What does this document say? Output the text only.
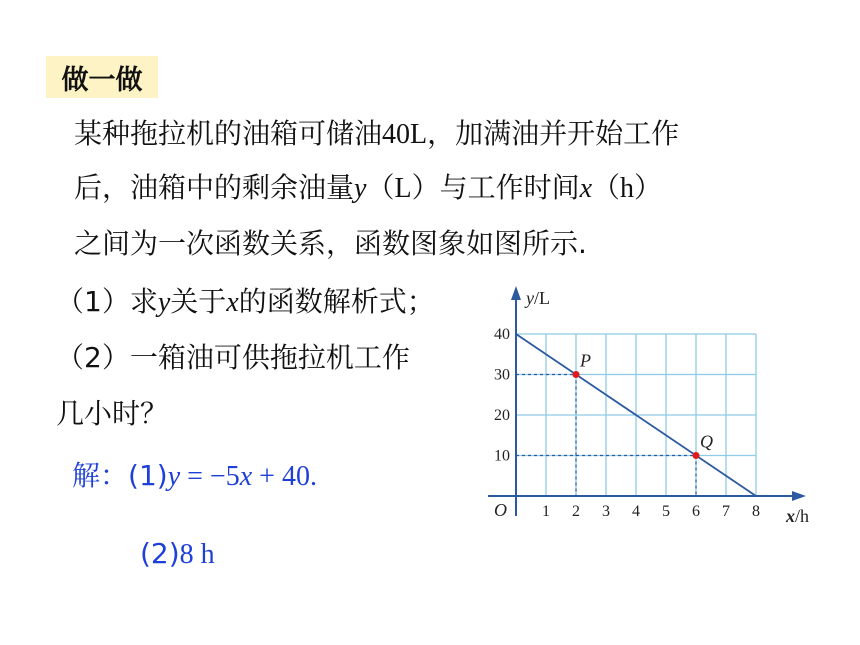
做一做
某种拖拉机的油箱可储油40L，加满油并开始工作
后，油箱中的剩余油量y（L）与工作时间x（h）
之间为一次函数关系，函数图象如图所示.
（1）求y关于x的函数解析式；
（2）一箱油可供拖拉机工作
几小时？
解：(1)y = −5x + 40.
(2)8 h
y/L
x/h
O 1 2 3 4 5 6 7 8
10
20
30
40
P
Q
